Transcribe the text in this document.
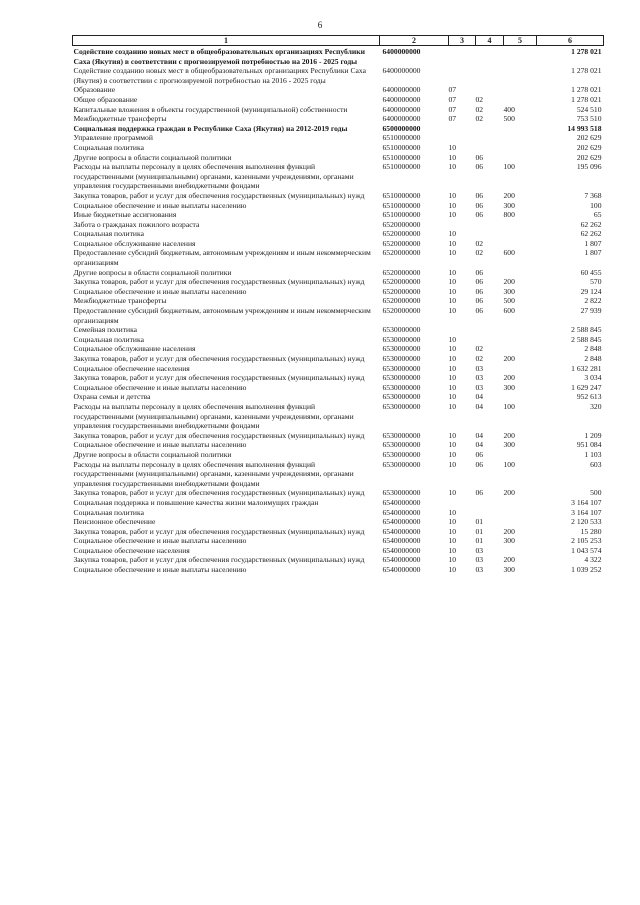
6
1	2	3	4	5	6
Содействие созданию новых мест в общеобразовательных организациях Республики Саха (Якутия) в соответствии с прогнозируемой потребностью на 2016 - 2025 годы	6400000000				1 278 021
Содействие созданию новых мест в общеобразовательных организациях Республики Саха (Якутия) в соответствии с прогнозируемой потребностью на 2016 - 2025 годы	6400000000				1 278 021
Образование	6400000000	07			1 278 021
Общее образование	6400000000	07	02		1 278 021
Капитальные вложения в объекты государственной (муниципальной) собственности	6400000000	07	02	400	524 510
Межбюджетные трансферты	6400000000	07	02	500	753 510
Социальная поддержка граждан в Республике Саха (Якутия) на 2012-2019 годы	6500000000				14 993 518
Управление программой	6510000000				202 629
Социальная политика	6510000000	10			202 629
Другие вопросы в области социальной политики	6510000000	10	06		202 629
Расходы на выплаты персоналу в целях обеспечения выполнения функций государственными (муниципальными) органами, казенными учреждениями, органами управления государственными внебюджетными фондами	6510000000	10	06	100	195 096
Закупка товаров, работ и услуг для обеспечения государственных (муниципальных) нужд	6510000000	10	06	200	7 368
Социальное обеспечение и иные выплаты населению	6510000000	10	06	300	100
Иные бюджетные ассигнования	6510000000	10	06	800	65
Забота о гражданах пожилого возраста	6520000000				62 262
Социальная политика	6520000000	10			62 262
Социальное обслуживание населения	6520000000	10	02		1 807
Предоставление субсидий бюджетным, автономным учреждениям и иным некоммерческим организациям	6520000000	10	02	600	1 807
Другие вопросы в области социальной политики	6520000000	10	06		60 455
Закупка товаров, работ и услуг для обеспечения государственных (муниципальных) нужд	6520000000	10	06	200	570
Социальное обеспечение и иные выплаты населению	6520000000	10	06	300	29 124
Межбюджетные трансферты	6520000000	10	06	500	2 822
Предоставление субсидий бюджетным, автономным учреждениям и иным некоммерческим организациям	6520000000	10	06	600	27 939
Семейная политика	6530000000				2 588 845
Социальная политика	6530000000	10			2 588 845
Социальное обслуживание населения	6530000000	10	02		2 848
Закупка товаров, работ и услуг для обеспечения государственных (муниципальных) нужд	6530000000	10	02	200	2 848
Социальное обеспечение населения	6530000000	10	03		1 632 281
Закупка товаров, работ и услуг для обеспечения государственных (муниципальных) нужд	6530000000	10	03	200	3 034
Социальное обеспечение и иные выплаты населению	6530000000	10	03	300	1 629 247
Охрана семьи и детства	6530000000	10	04		952 613
Расходы на выплаты персоналу в целях обеспечения выполнения функций государственными (муниципальными) органами, казенными учреждениями, органами управления государственными внебюджетными фондами	6530000000	10	04	100	320
Закупка товаров, работ и услуг для обеспечения государственных (муниципальных) нужд	6530000000	10	04	200	1 209
Социальное обеспечение и иные выплаты населению	6530000000	10	04	300	951 084
Другие вопросы в области социальной политики	6530000000	10	06		1 103
Расходы на выплаты персоналу в целях обеспечения выполнения функций государственными (муниципальными) органами, казенными учреждениями, органами управления государственными внебюджетными фондами	6530000000	10	06	100	603
Закупка товаров, работ и услуг для обеспечения государственных (муниципальных) нужд	6530000000	10	06	200	500
Социальная поддержка и повышение качества жизни малоимущих граждан	6540000000				3 164 107
Социальная политика	6540000000	10			3 164 107
Пенсионное обеспечение	6540000000	10	01		2 120 533
Закупка товаров, работ и услуг для обеспечения государственных (муниципальных) нужд	6540000000	10	01	200	15 280
Социальное обеспечение и иные выплаты населению	6540000000	10	01	300	2 105 253
Социальное обеспечение населения	6540000000	10	03		1 043 574
Закупка товаров, работ и услуг для обеспечения государственных (муниципальных) нужд	6540000000	10	03	200	4 322
Социальное обеспечение и иные выплаты населению	6540000000	10	03	300	1 039 252
